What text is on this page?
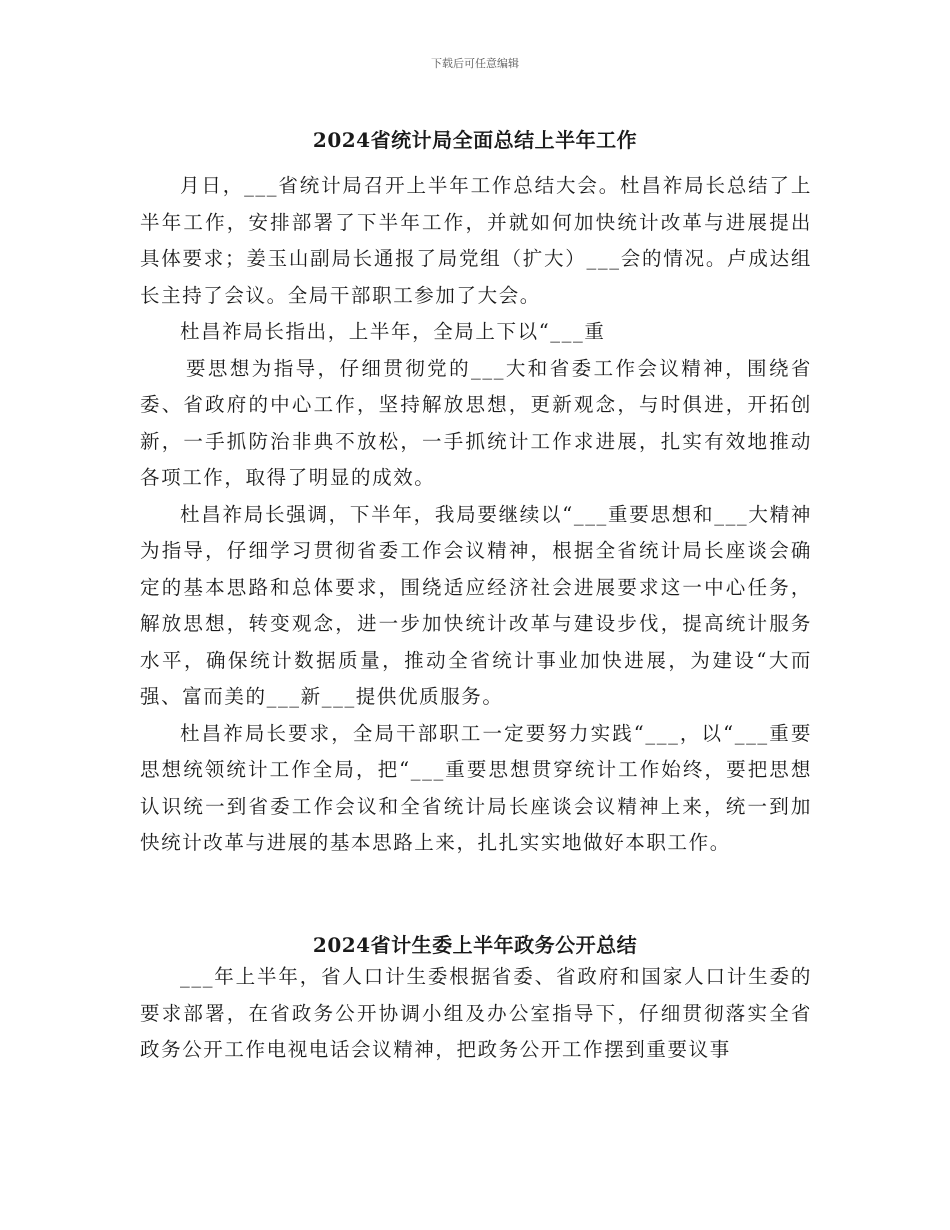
下载后可任意编辑
2024省统计局全面总结上半年工作

月日，___省统计局召开上半年工作总结大会。杜昌祚局长总结了上半年工作，安排部署了下半年工作，并就如何加快统计改革与进展提出具体要求；姜玉山副局长通报了局党组（扩大）___会的情况。卢成达组长主持了会议。全局干部职工参加了大会。

杜昌祚局长指出，上半年，全局上下以“___重

要思想为指导，仔细贯彻党的___大和省委工作会议精神，围绕省委、省政府的中心工作，坚持解放思想，更新观念，与时俱进，开拓创新，一手抓防治非典不放松，一手抓统计工作求进展，扎实有效地推动各项工作，取得了明显的成效。

杜昌祚局长强调，下半年，我局要继续以“___重要思想和___大精神为指导，仔细学习贯彻省委工作会议精神，根据全省统计局长座谈会确定的基本思路和总体要求，围绕适应经济社会进展要求这一中心任务，解放思想，转变观念，进一步加快统计改革与建设步伐，提高统计服务水平，确保统计数据质量，推动全省统计事业加快进展，为建设“大而强、富而美的___新___提供优质服务。

杜昌祚局长要求，全局干部职工一定要努力实践“___，以“___重要思想统领统计工作全局，把“___重要思想贯穿统计工作始终，要把思想认识统一到省委工作会议和全省统计局长座谈会议精神上来，统一到加快统计改革与进展的基本思路上来，扎扎实实地做好本职工作。

2024省计生委上半年政务公开总结

___年上半年，省人口计生委根据省委、省政府和国家人口计生委的要求部署，在省政务公开协调小组及办公室指导下，仔细贯彻落实全省政务公开工作电视电话会议精神，把政务公开工作摆到重要议事
